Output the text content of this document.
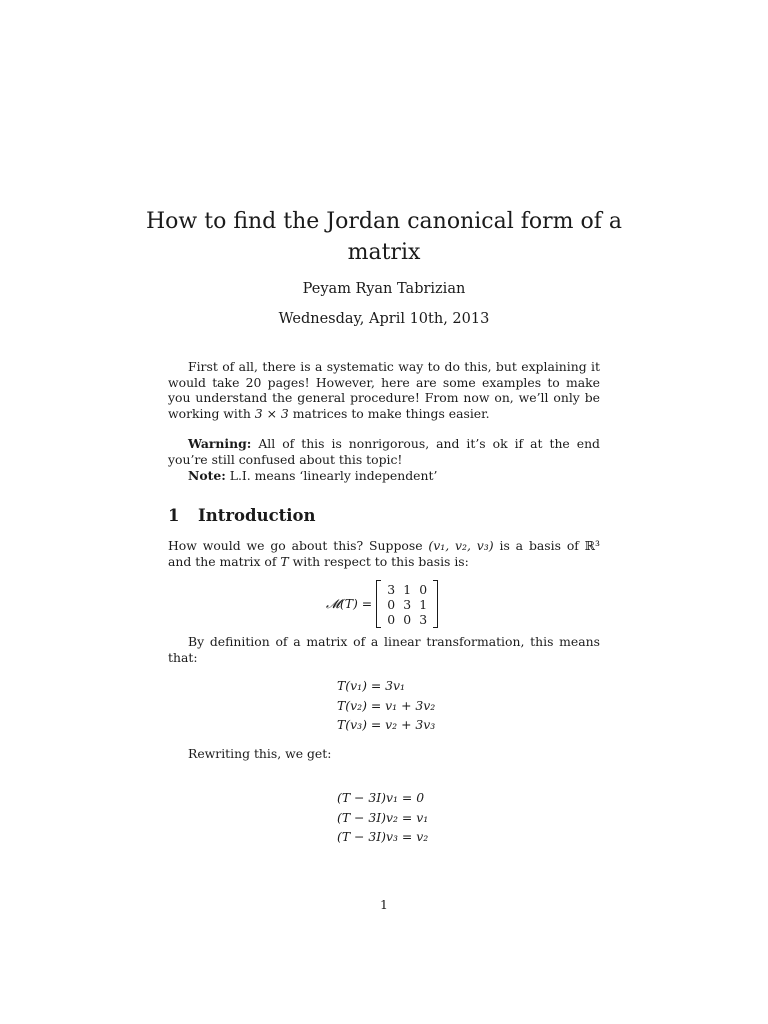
How to find the Jordan canonical form of a
matrix
Peyam Ryan Tabrizian
Wednesday, April 10th, 2013
First of all, there is a systematic way to do this, but explaining it would take 20 pages! However, here are some examples to make you understand the general procedure! From now on, we’ll only be working with 3 × 3 matrices to make things easier.
Warning: All of this is nonrigorous, and it’s ok if at the end you’re still confused about this topic!
Note: L.I. means ‘linearly independent’
1 Introduction
How would we go about this? Suppose (v₁, v₂, v₃) is a basis of ℝ³ and the matrix of T with respect to this basis is:
𝓜(T) =
3 1 0
0 3 1
0 0 3
By definition of a matrix of a linear transformation, this means that:
T(v₁) = 3v₁
T(v₂) = v₁ + 3v₂
T(v₃) = v₂ + 3v₃
Rewriting this, we get:
(T − 3I)v₁ = 0
(T − 3I)v₂ = v₁
(T − 3I)v₃ = v₂
1
